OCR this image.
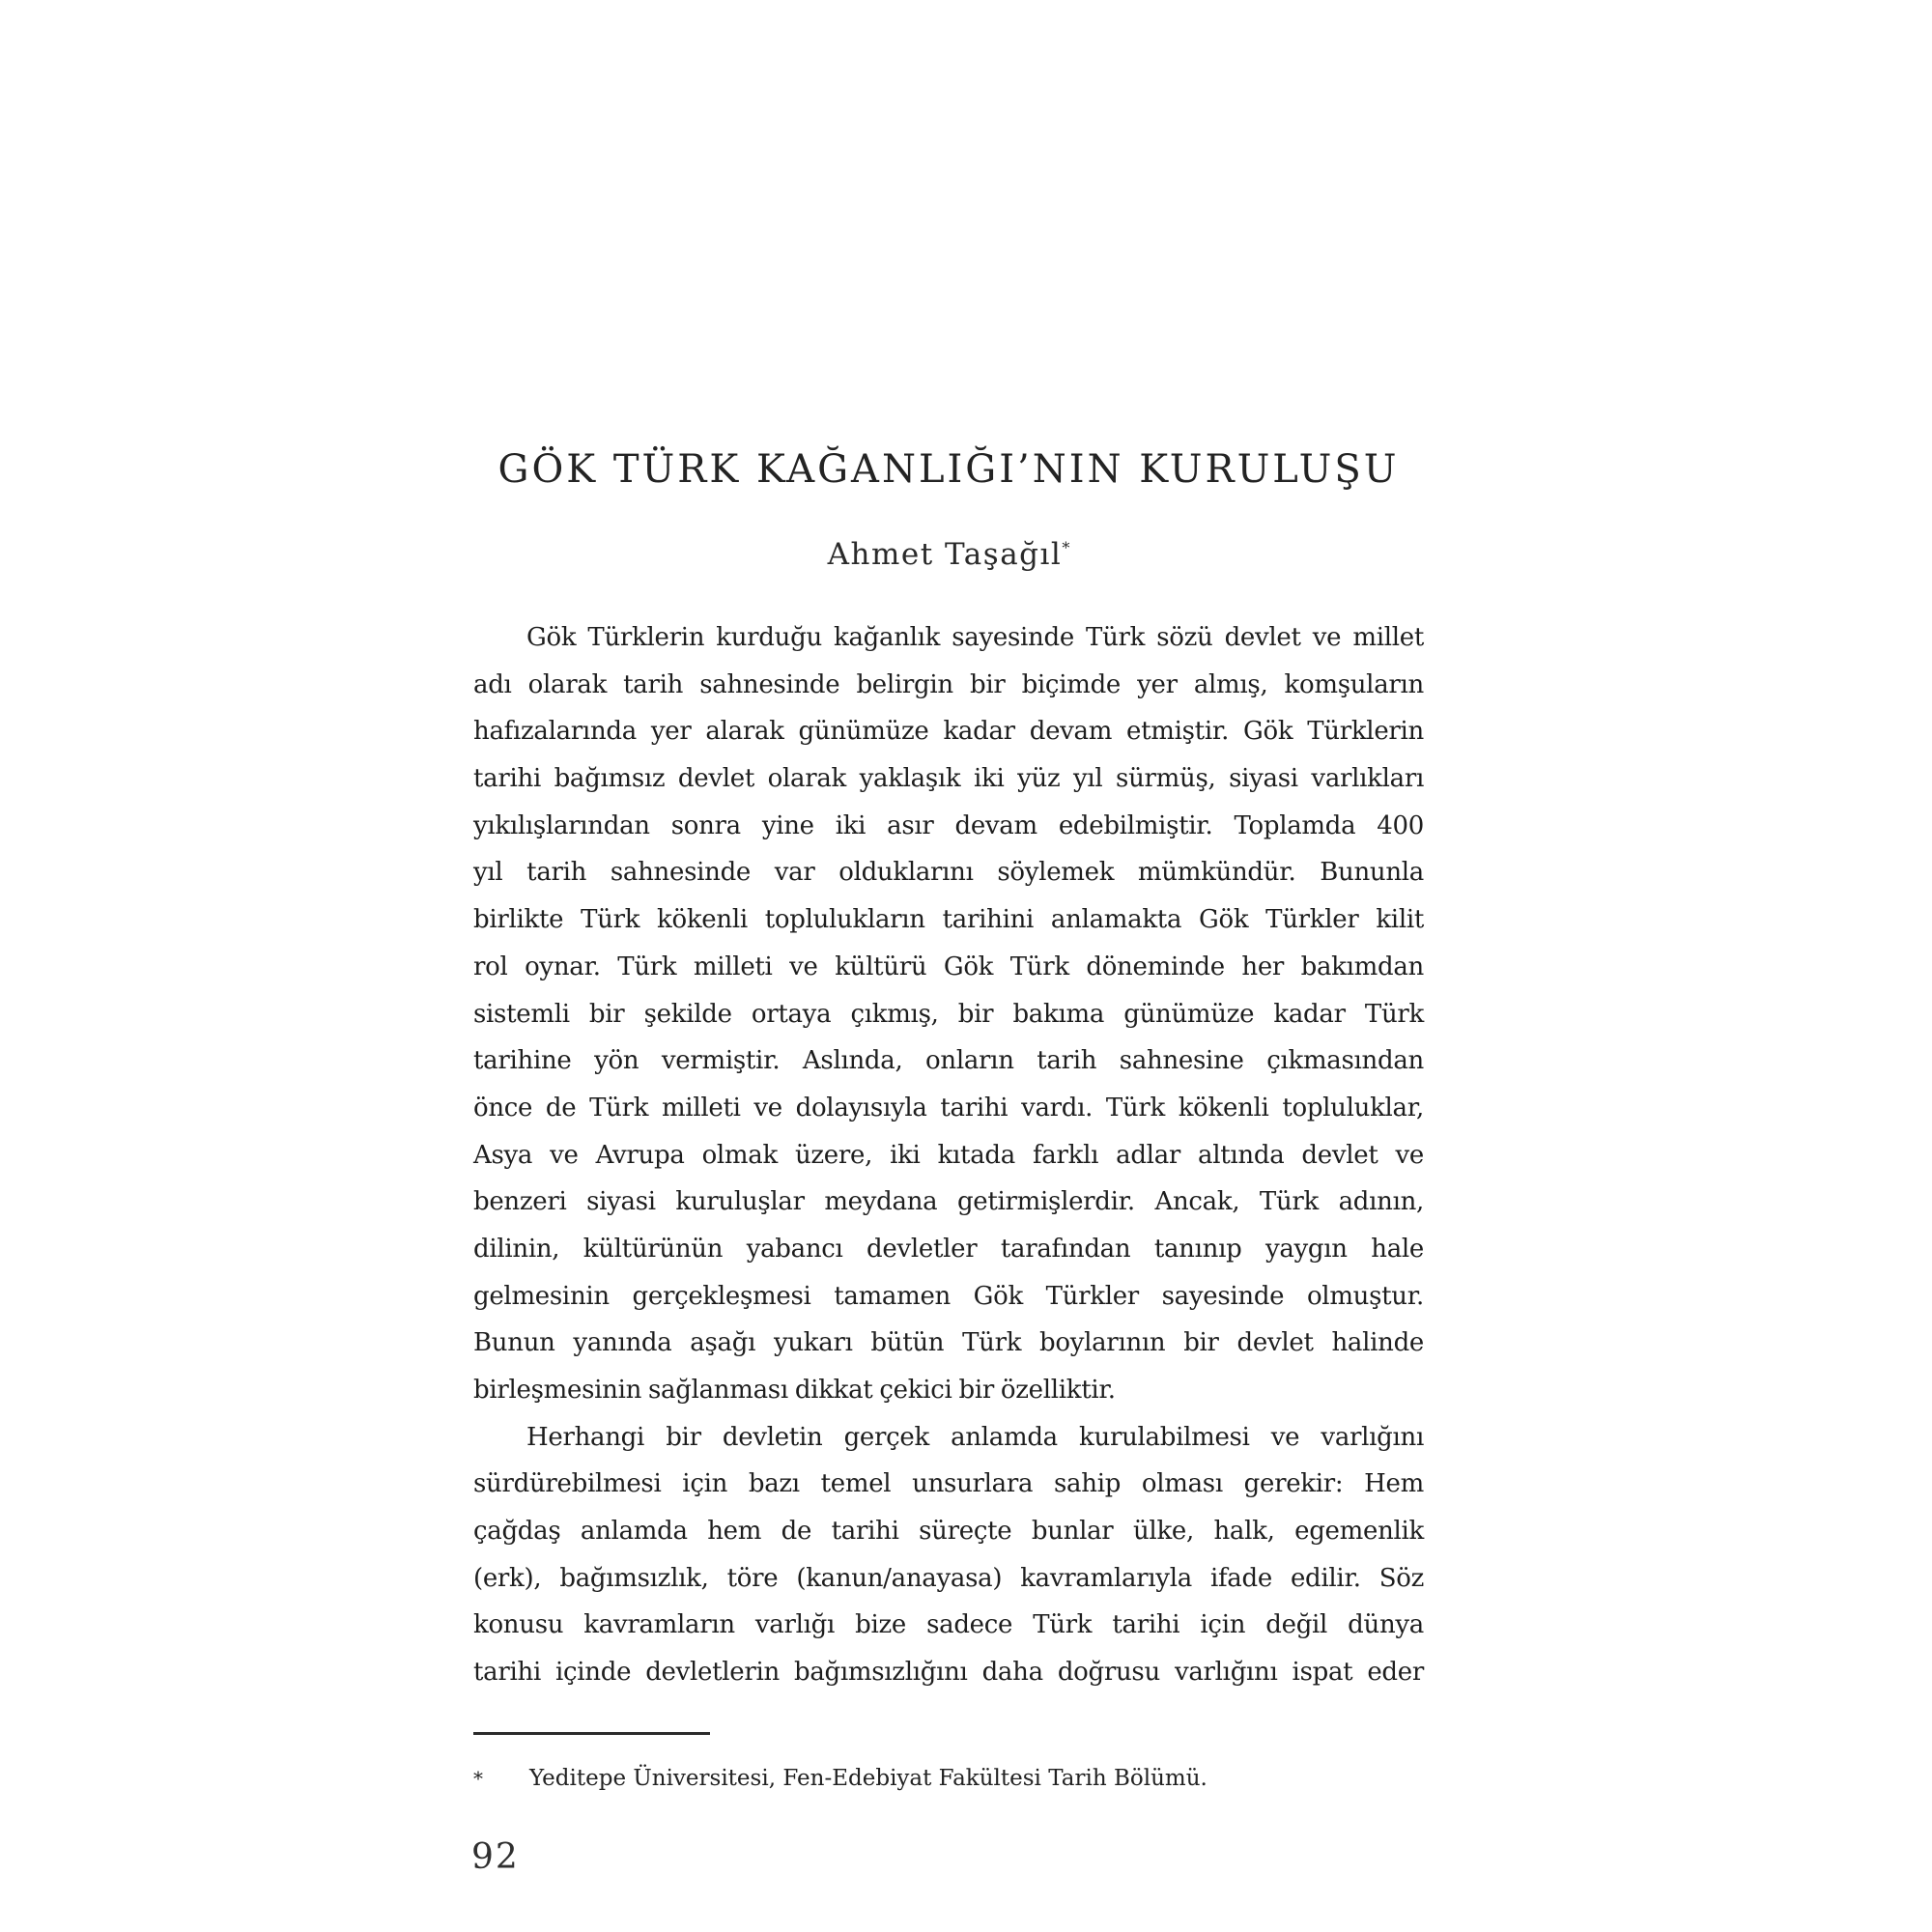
GÖK TÜRK KAĞANLIĞI’NIN KURULUŞU
Ahmet Taşağıl*
Gök Türklerin kurduğu kağanlık sayesinde Türk sözü devlet ve millet
adı olarak tarih sahnesinde belirgin bir biçimde yer almış, komşuların
hafızalarında yer alarak günümüze kadar devam etmiştir. Gök Türklerin
tarihi bağımsız devlet olarak yaklaşık iki yüz yıl sürmüş, siyasi varlıkları
yıkılışlarından sonra yine iki asır devam edebilmiştir. Toplamda 400
yıl tarih sahnesinde var olduklarını söylemek mümkündür. Bununla
birlikte Türk kökenli toplulukların tarihini anlamakta Gök Türkler kilit
rol oynar. Türk milleti ve kültürü Gök Türk döneminde her bakımdan
sistemli bir şekilde ortaya çıkmış, bir bakıma günümüze kadar Türk
tarihine yön vermiştir. Aslında, onların tarih sahnesine çıkmasından
önce de Türk milleti ve dolayısıyla tarihi vardı. Türk kökenli topluluklar,
Asya ve Avrupa olmak üzere, iki kıtada farklı adlar altında devlet ve
benzeri siyasi kuruluşlar meydana getirmişlerdir. Ancak, Türk adının,
dilinin, kültürünün yabancı devletler tarafından tanınıp yaygın hale
gelmesinin gerçekleşmesi tamamen Gök Türkler sayesinde olmuştur.
Bunun yanında aşağı yukarı bütün Türk boylarının bir devlet halinde
birleşmesinin sağlanması dikkat çekici bir özelliktir.
Herhangi bir devletin gerçek anlamda kurulabilmesi ve varlığını
sürdürebilmesi için bazı temel unsurlara sahip olması gerekir: Hem
çağdaş anlamda hem de tarihi süreçte bunlar ülke, halk, egemenlik
(erk), bağımsızlık, töre (kanun/anayasa) kavramlarıyla ifade edilir. Söz
konusu kavramların varlığı bize sadece Türk tarihi için değil dünya
tarihi içinde devletlerin bağımsızlığını daha doğrusu varlığını ispat eder
*	Yeditepe Üniversitesi, Fen-Edebiyat Fakültesi Tarih Bölümü.
92
